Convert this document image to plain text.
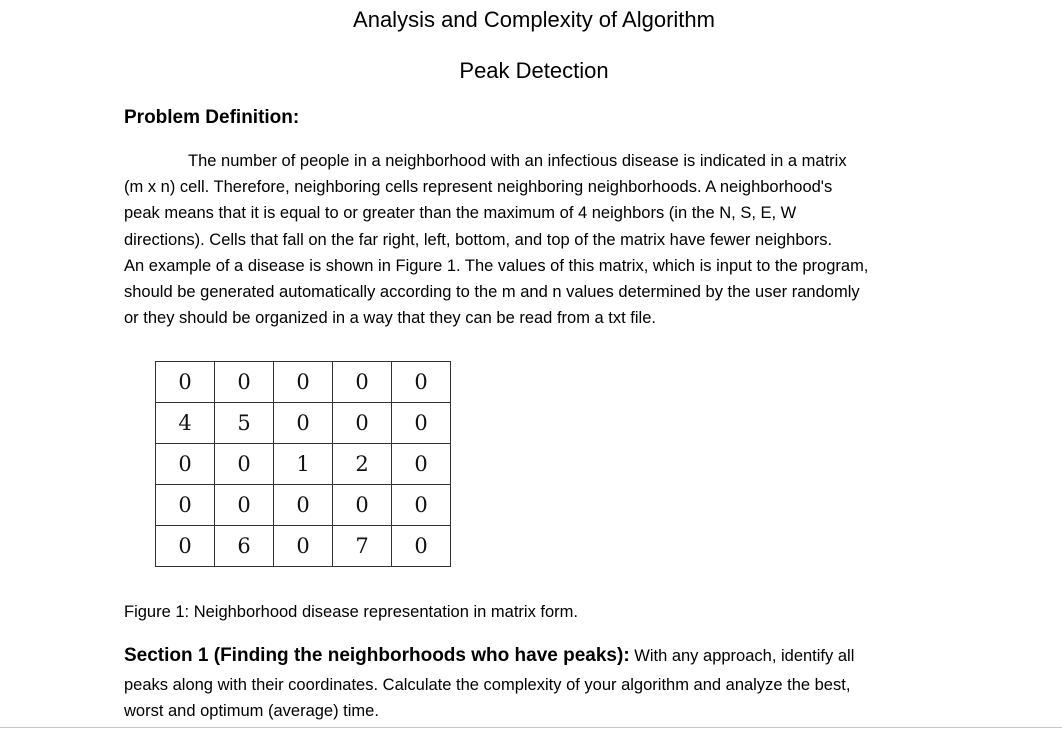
Analysis and Complexity of Algorithm
Peak Detection
Problem Definition:
The number of people in a neighborhood with an infectious disease is indicated in a matrix
(m x n) cell. Therefore, neighboring cells represent neighboring neighborhoods. A neighborhood's
peak means that it is equal to or greater than the maximum of 4 neighbors (in the N, S, E, W
directions). Cells that fall on the far right, left, bottom, and top of the matrix have fewer neighbors.
An example of a disease is shown in Figure 1. The values of this matrix, which is input to the program,
should be generated automatically according to the m and n values determined by the user randomly
or they should be organized in a way that they can be read from a txt file.
0	0	0	0	0
4	5	0	0	0
0	0	1	2	0
0	0	0	0	0
0	6	0	7	0
Figure 1: Neighborhood disease representation in matrix form.
Section 1 (Finding the neighborhoods who have peaks): With any approach, identify all
peaks along with their coordinates. Calculate the complexity of your algorithm and analyze the best,
worst and optimum (average) time.
